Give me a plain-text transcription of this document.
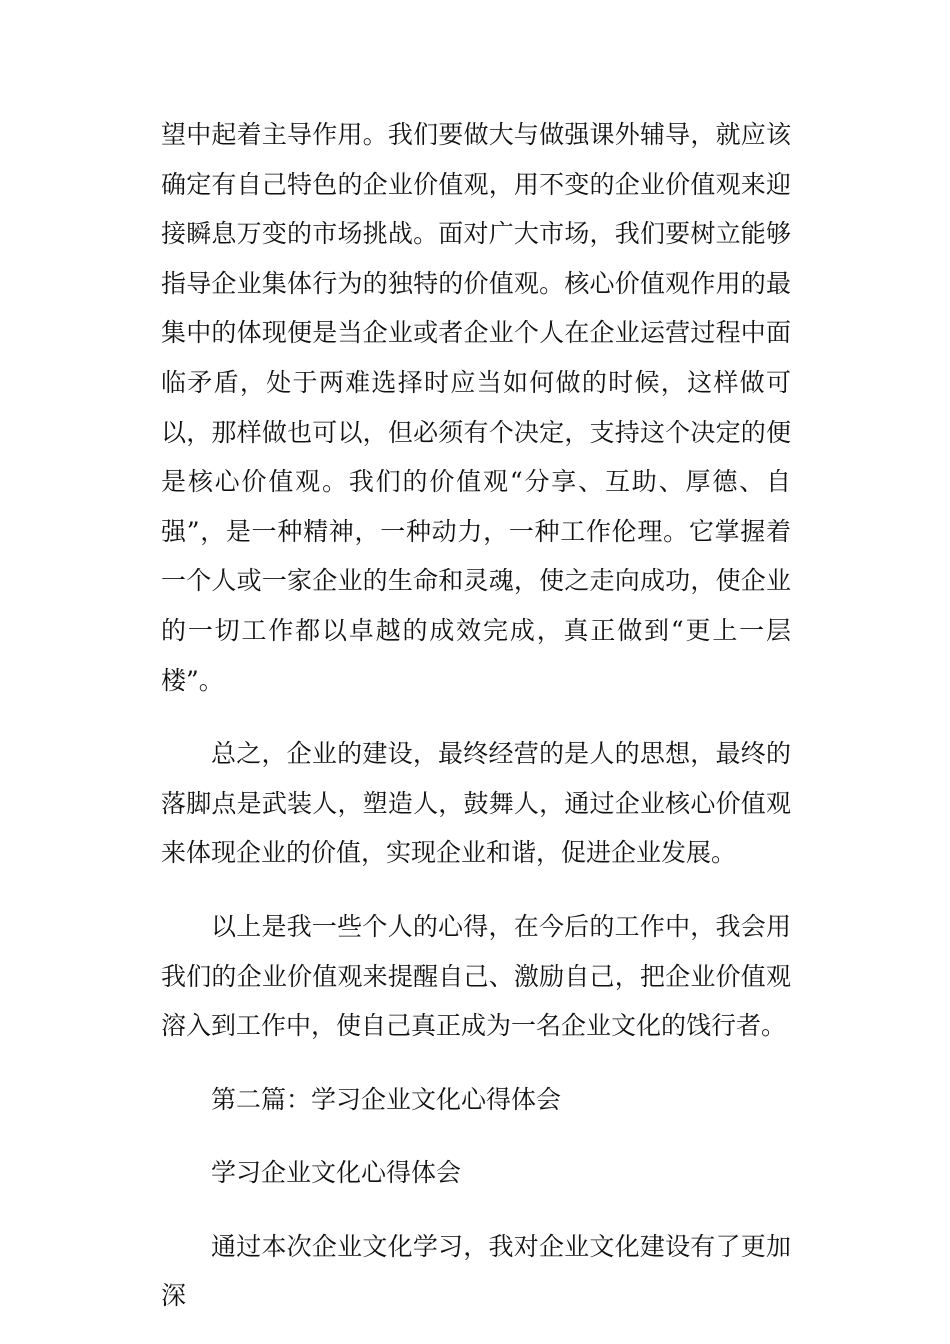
望中起着主导作用。我们要做大与做强课外辅导，就应该确定有自己特色的企业价值观，用不变的企业价值观来迎接瞬息万变的市场挑战。面对广大市场，我们要树立能够指导企业集体行为的独特的价值观。核心价值观作用的最集中的体现便是当企业或者企业个人在企业运营过程中面临矛盾，处于两难选择时应当如何做的时候，这样做可以，那样做也可以，但必须有个决定，支持这个决定的便是核心价值观。我们的价值观“分享、互助、厚德、自强”，是一种精神，一种动力，一种工作伦理。它掌握着一个人或一家企业的生命和灵魂，使之走向成功，使企业的一切工作都以卓越的成效完成，真正做到“更上一层楼”。

总之，企业的建设，最终经营的是人的思想，最终的落脚点是武装人，塑造人，鼓舞人，通过企业核心价值观来体现企业的价值，实现企业和谐，促进企业发展。

以上是我一些个人的心得，在今后的工作中，我会用我们的企业价值观来提醒自己、激励自己，把企业价值观溶入到工作中，使自己真正成为一名企业文化的饯行者。

第二篇：学习企业文化心得体会

学习企业文化心得体会

通过本次企业文化学习，我对企业文化建设有了更加深
